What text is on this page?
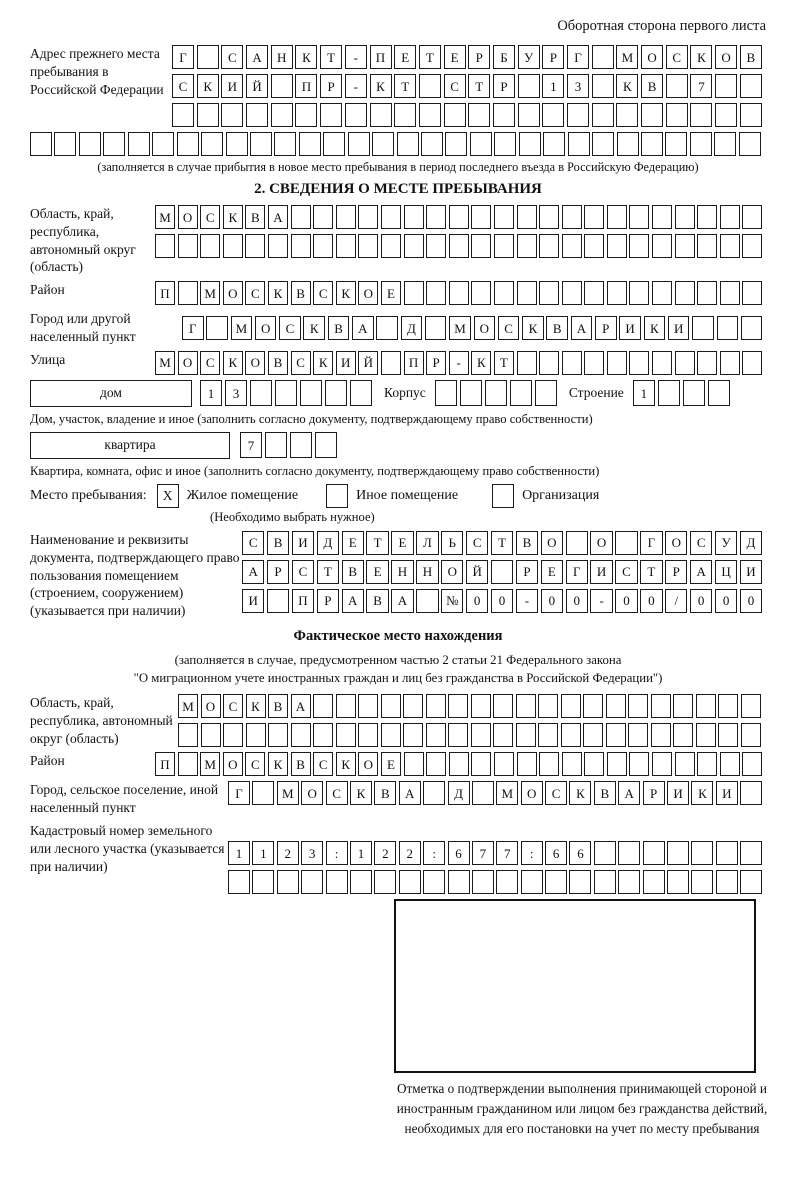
Оборотная сторона первого листа
Адрес прежнего места пребывания в Российской Федерации
Г	С	А	Н	К	Т	-	П	Е	Т	Е	Р	Б	У	Р	Г	М	О	С	К	О	В
С	К	И	Й	П	Р	-	К	Т	С	Т	Р	1	3	К	В	7
(заполняется в случае прибытия в новое место пребывания в период последнего въезда в Российскую Федерацию)
2. СВЕДЕНИЯ О МЕСТЕ ПРЕБЫВАНИЯ
Область, край, республика, автономный округ (область)
М О	С	К	В	А
Район	П	М О	С	К	В	С	К	О	Е
Город или другой населенный пункт
Г	М	О	С	К	В	А	Д	М	О	С	К	В	А	Р	И	К	И
Улица	М О	С	К	О	В	С	К	И	Й	П	Р	-	К	Т
дом	1	3	Корпус	Строение	1
Дом, участок, владение и иное (заполнить согласно документу, подтверждающему право собственности)
квартира	7
Квартира, комната, офис и иное (заполнить согласно документу, подтверждающему право собственности)
Место пребывания:	X	Жилое помещение	Иное помещение	Организация
(Необходимо выбрать нужное)
Наименование и реквизиты документа, подтверждающего право пользования помещением (строением, сооружением) (указывается при наличии)
С	В	И	Д	Е	Т	Е	Л	Ь	С	Т	В	О	О	Г	О	С	У	Д
А	Р	С	Т	В	Е	Н	Н	О	Й	Р	Е	Г	И	С	Т	Р	А	Ц	И
И	П	Р	А	В	А	№	0	0	-	0	0	-	0	0	/	0	0	0
Фактическое место нахождения
(заполняется в случае, предусмотренном частью 2 статьи 21 Федерального закона
"О миграционном учете иностранных граждан и лиц без гражданства в Российской Федерации")
Область, край, республика, автономный округ (область)
М О	С	К	В	А
Район	П	М О	С	К	В	С	К	О	Е
Город, сельское поселение, иной населенный пункт
Г	М	О	С	К	В	А	Д	М	О	С	К	В	А	Р	И	К	И
Кадастровый номер земельного или лесного участка (указывается при наличии)
1	1	2	3	:	1	2	2	:	6	7	7	:	6	6
Отметка о подтверждении выполнения принимающей стороной и иностранным гражданином или лицом без гражданства действий, необходимых для его постановки на учет по месту пребывания
